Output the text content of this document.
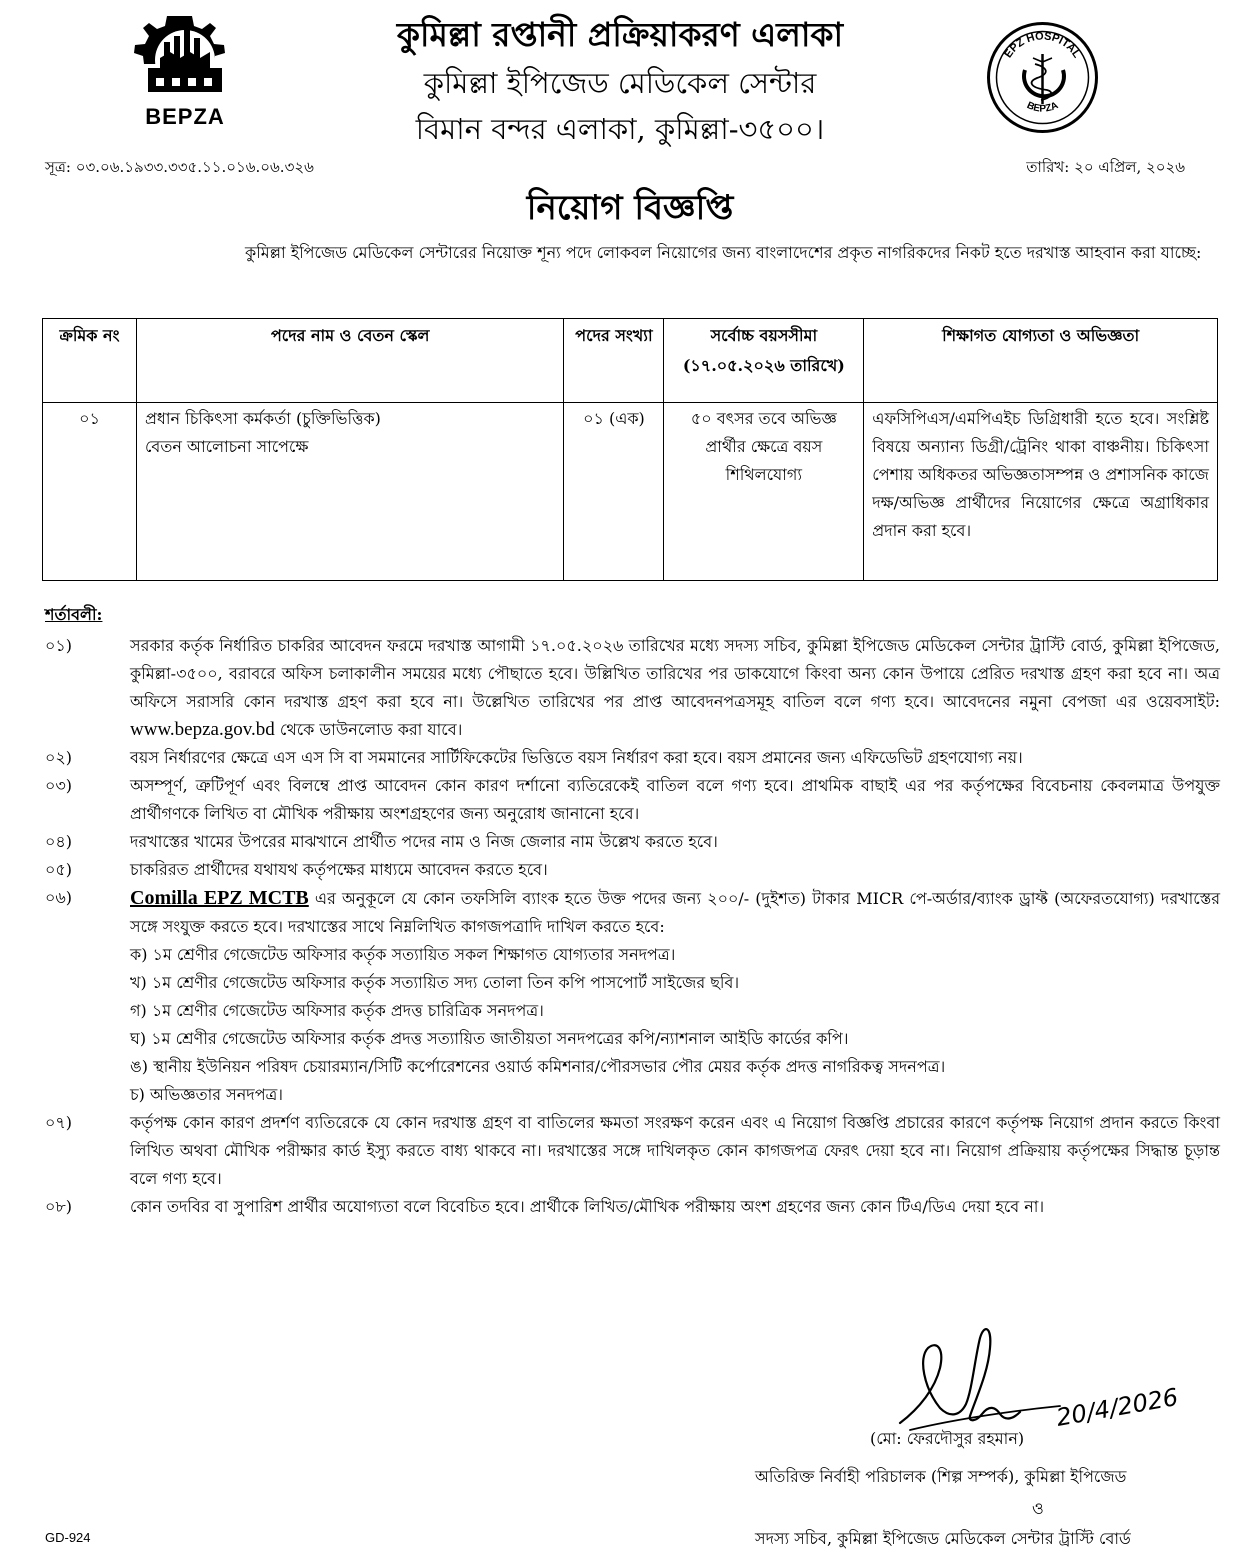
BEPZA
কুমিল্লা রপ্তানী প্রক্রিয়াকরণ এলাকা
কুমিল্লা ইপিজেড মেডিকেল সেন্টার
বিমান বন্দর এলাকা, কুমিল্লা-৩৫০০।
EPZ HOSPITAL
BEPZA
সূত্র: ০৩.০৬.১৯৩৩.৩৩৫.১১.০১৬.০৬.৩২৬	তারিখ: ২০ এপ্রিল, ২০২৬
নিয়োগ বিজ্ঞপ্তি

কুমিল্লা ইপিজেড মেডিকেল সেন্টারের নিয়োক্ত শূন্য পদে লোকবল নিয়োগের জন্য বাংলাদেশের প্রকৃত নাগরিকদের নিকট হতে দরখাস্ত আহবান করা যাচ্ছে:

ক্রমিক নং	পদের নাম ও বেতন স্কেল	পদের সংখ্যা	সর্বোচ্চ বয়সসীমা (১৭.০৫.২০২৬ তারিখে)	শিক্ষাগত যোগ্যতা ও অভিজ্ঞতা
০১	প্রধান চিকিৎসা কর্মকর্তা (চুক্তিভিত্তিক)
বেতন আলোচনা সাপেক্ষে	০১ (এক)	৫০ বৎসর তবে অভিজ্ঞ প্রার্থীর ক্ষেত্রে বয়স শিথিলযোগ্য	এফসিপিএস/এমপিএইচ ডিগ্রিধারী হতে হবে। সংশ্লিষ্ট বিষয়ে অন্যান্য ডিগ্রী/ট্রেনিং থাকা বাঞ্চনীয়। চিকিৎসা পেশায় অধিকতর অভিজ্ঞতাসম্পন্ন ও প্রশাসনিক কাজে দক্ষ/অভিজ্ঞ প্রার্থীদের নিয়োগের ক্ষেত্রে অগ্রাধিকার প্রদান করা হবে।
শর্তাবলী:
০১)	সরকার কর্তৃক নির্ধারিত চাকরির আবেদন ফরমে দরখাস্ত আগামী ১৭.০৫.২০২৬ তারিখের মধ্যে সদস্য সচিব, কুমিল্লা ইপিজেড মেডিকেল সেন্টার ট্রাস্টি বোর্ড, কুমিল্লা ইপিজেড, কুমিল্লা-৩৫০০, বরাবরে অফিস চলাকালীন সময়ের মধ্যে পৌছাতে হবে। উল্লিখিত তারিখের পর ডাকযোগে কিংবা অন্য কোন উপায়ে প্রেরিত দরখাস্ত গ্রহণ করা হবে না। অত্র অফিসে সরাসরি কোন দরখাস্ত গ্রহণ করা হবে না। উল্লেখিত তারিখের পর প্রাপ্ত আবেদনপত্রসমূহ বাতিল বলে গণ্য হবে। আবেদনের নমুনা বেপজা এর ওয়েবসাইট: www.bepza.gov.bd থেকে ডাউনলোড করা যাবে।
০২)	বয়স নির্ধারণের ক্ষেত্রে এস এস সি বা সমমানের সার্টিফিকেটের ভিত্তিতে বয়স নির্ধারণ করা হবে। বয়স প্রমানের জন্য এফিডেভিট গ্রহণযোগ্য নয়।
০৩)	অসম্পূর্ণ, ত্রুটিপূর্ণ এবং বিলম্বে প্রাপ্ত আবেদন কোন কারণ দর্শানো ব্যতিরেকেই বাতিল বলে গণ্য হবে। প্রাথমিক বাছাই এর পর কর্তৃপক্ষের বিবেচনায় কেবলমাত্র উপযুক্ত প্রার্থীগণকে লিখিত বা মৌখিক পরীক্ষায় অংশগ্রহণের জন্য অনুরোধ জানানো হবে।
০৪)	দরখাস্তের খামের উপরের মাঝখানে প্রার্থীত পদের নাম ও নিজ জেলার নাম উল্লেখ করতে হবে।
০৫)	চাকরিরত প্রার্থীদের যথাযথ কর্তৃপক্ষের মাধ্যমে আবেদন করতে হবে।
০৬)	Comilla EPZ MCTB এর অনুকূলে যে কোন তফসিলি ব্যাংক হতে উক্ত পদের জন্য ২০০/- (দুইশত) টাকার MICR পে-অর্ডার/ব্যাংক ড্রাফ্ট (অফেরতযোগ্য) দরখাস্তের সঙ্গে সংযুক্ত করতে হবে। দরখাস্তের সাথে নিম্নলিখিত কাগজপত্রাদি দাখিল করতে হবে:
ক) ১ম শ্রেণীর গেজেটেড অফিসার কর্তৃক সত্যায়িত সকল শিক্ষাগত যোগ্যতার সনদপত্র।
খ) ১ম শ্রেণীর গেজেটেড অফিসার কর্তৃক সত্যায়িত সদ্য তোলা তিন কপি পাসপোর্ট সাইজের ছবি।
গ) ১ম শ্রেণীর গেজেটেড অফিসার কর্তৃক প্রদত্ত চারিত্রিক সনদপত্র।
ঘ) ১ম শ্রেণীর গেজেটেড অফিসার কর্তৃক প্রদত্ত সত্যায়িত জাতীয়তা সনদপত্রের কপি/ন্যাশনাল আইডি কার্ডের কপি।
ঙ) স্থানীয় ইউনিয়ন পরিষদ চেয়ারম্যান/সিটি কর্পোরেশনের ওয়ার্ড কমিশনার/পৌরসভার পৌর মেয়র কর্তৃক প্রদত্ত নাগরিকত্ব সদনপত্র।
চ) অভিজ্ঞতার সনদপত্র।
০৭)	কর্তৃপক্ষ কোন কারণ প্রদর্শণ ব্যতিরেকে যে কোন দরখাস্ত গ্রহণ বা বাতিলের ক্ষমতা সংরক্ষণ করেন এবং এ নিয়োগ বিজ্ঞপ্তি প্রচারের কারণে কর্তৃপক্ষ নিয়োগ প্রদান করতে কিংবা লিখিত অথবা মৌখিক পরীক্ষার কার্ড ইস্যু করতে বাধ্য থাকবে না। দরখাস্তের সঙ্গে দাখিলকৃত কোন কাগজপত্র ফেরৎ দেয়া হবে না। নিয়োগ প্রক্রিয়ায় কর্তৃপক্ষের সিদ্ধান্ত চূড়ান্ত বলে গণ্য হবে।
০৮)	কোন তদবির বা সুপারিশ প্রার্থীর অযোগ্যতা বলে বিবেচিত হবে। প্রার্থীকে লিখিত/মৌখিক পরীক্ষায় অংশ গ্রহণের জন্য কোন টিএ/ডিএ দেয়া হবে না।
20/4/2026
(মো: ফেরদৌসুর রহমান)
অতিরিক্ত নির্বাহী পরিচালক (শিল্প সম্পর্ক), কুমিল্লা ইপিজেড
ও
সদস্য সচিব, কুমিল্লা ইপিজেড মেডিকেল সেন্টার ট্রাস্টি বোর্ড
GD-924
